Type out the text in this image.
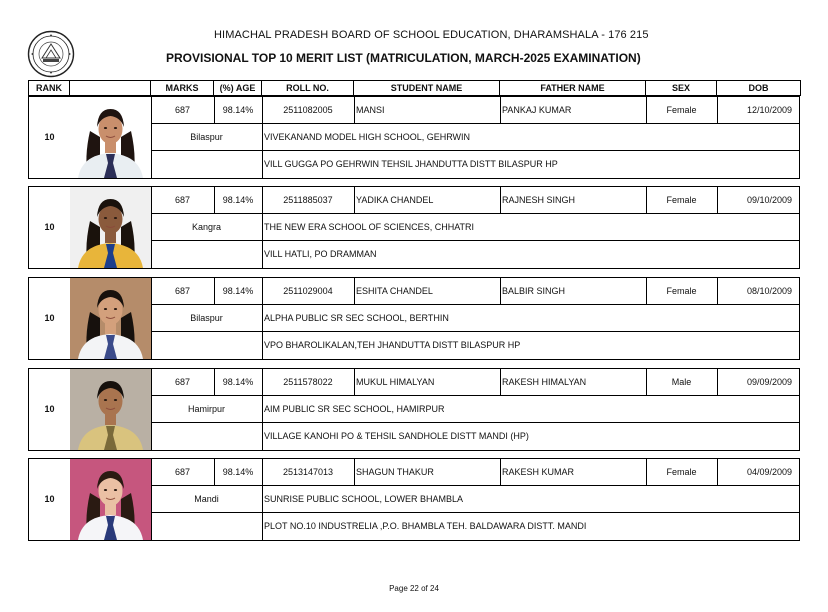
HIMACHAL PRADESH BOARD OF SCHOOL EDUCATION, DHARAMSHALA - 176 215
PROVISIONAL TOP 10 MERIT LIST (MATRICULATION, MARCH-2025 EXAMINATION)
RANK		MARKS	(%) AGE	ROLL NO.	STUDENT NAME	FATHER NAME	SEX	DOB
10
687	98.14%	2511082005	MANSI	PANKAJ KUMAR	Female	12/10/2009
Bilaspur	VIVEKANAND MODEL HIGH SCHOOL, GEHRWIN
VILL GUGGA PO GEHRWIN TEHSIL JHANDUTTA DISTT BILASPUR HP
10
687	98.14%	2511885037	YADIKA CHANDEL	RAJNESH SINGH	Female	09/10/2009
Kangra	THE NEW ERA SCHOOL OF SCIENCES, CHHATRI
VILL HATLI, PO DRAMMAN
10
687	98.14%	2511029004	ESHITA CHANDEL	BALBIR SINGH	Female	08/10/2009
Bilaspur	ALPHA PUBLIC SR SEC SCHOOL, BERTHIN
VPO BHAROLIKALAN,TEH JHANDUTTA DISTT BILASPUR HP
10
687	98.14%	2511578022	MUKUL HIMALYAN	RAKESH HIMALYAN	Male	09/09/2009
Hamirpur	AIM PUBLIC SR SEC SCHOOL, HAMIRPUR
VILLAGE KANOHI PO & TEHSIL SANDHOLE DISTT MANDI (HP)
10
687	98.14%	2513147013	SHAGUN THAKUR	RAKESH KUMAR	Female	04/09/2009
Mandi	SUNRISE PUBLIC SCHOOL, LOWER BHAMBLA
PLOT NO.10 INDUSTRELIA ,P.O. BHAMBLA TEH. BALDAWARA DISTT. MANDI
Page 22 of 24
